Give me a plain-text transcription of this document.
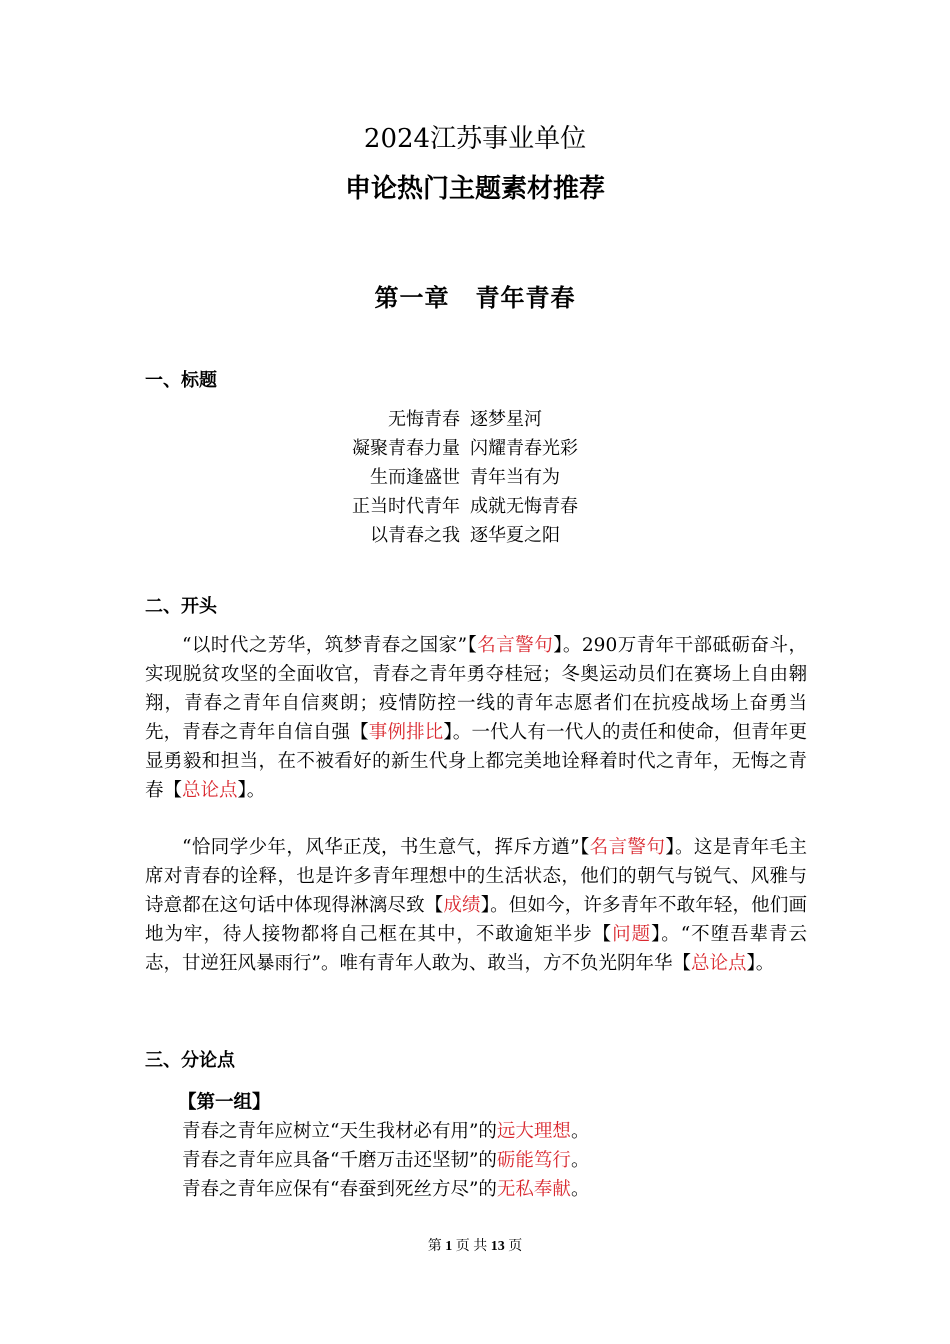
2024江苏事业单位
申论热门主题素材推荐
第一章 青年青春
一、标题
无悔青春 逐梦星河
凝聚青春力量 闪耀青春光彩
生而逢盛世 青年当有为
正当时代青年 成就无悔青春
以青春之我 逐华夏之阳
二、开头

“以时代之芳华，筑梦青春之国家”【名言警句】。290万青年干部砥砺奋斗，实现脱贫攻坚的全面收官，青春之青年勇夺桂冠；冬奥运动员们在赛场上自由翱翔，青春之青年自信爽朗；疫情防控一线的青年志愿者们在抗疫战场上奋勇当先，青春之青年自信自强【事例排比】。一代人有一代人的责任和使命，但青年更显勇毅和担当，在不被看好的新生代身上都完美地诠释着时代之青年，无悔之青春【总论点】。

“恰同学少年，风华正茂，书生意气，挥斥方遒”【名言警句】。这是青年毛主席对青春的诠释，也是许多青年理想中的生活状态，他们的朝气与锐气、风雅与诗意都在这句话中体现得淋漓尽致【成绩】。但如今，许多青年不敢年轻，他们画地为牢，待人接物都将自己框在其中，不敢逾矩半步【问题】。“不堕吾辈青云志，甘逆狂风暴雨行”。唯有青年人敢为、敢当，方不负光阴年华【总论点】。

三、分论点
【第一组】
青春之青年应树立“天生我材必有用”的远大理想。
青春之青年应具备“千磨万击还坚韧”的砺能笃行。
青春之青年应保有“春蚕到死丝方尽”的无私奉献。
第 1 页 共 13 页
